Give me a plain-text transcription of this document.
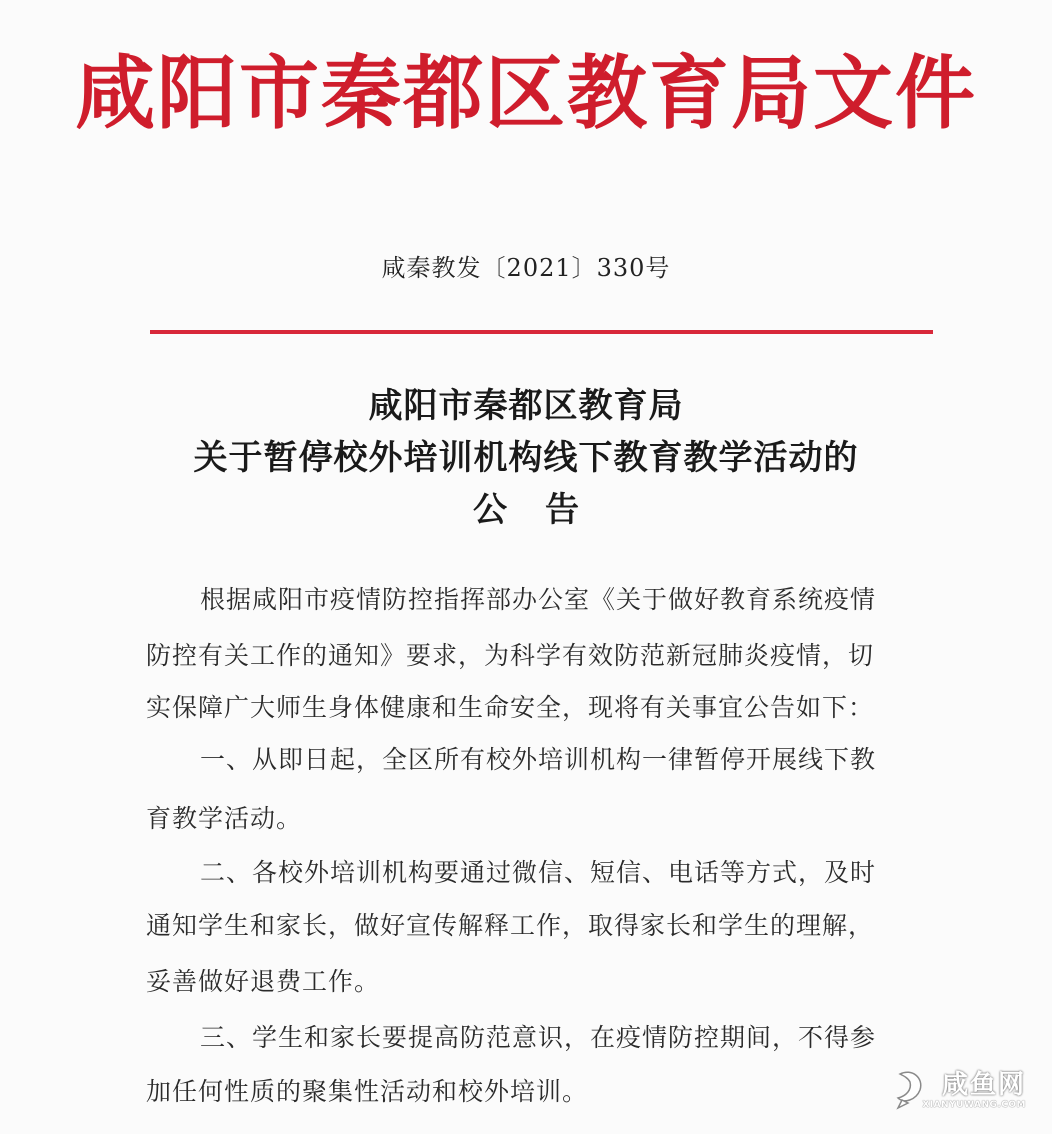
咸阳市秦都区教育局文件
咸秦教发〔2021〕330号
咸阳市秦都区教育局
关于暂停校外培训机构线下教育教学活动的
公告
根据咸阳市疫情防控指挥部办公室《关于做好教育系统疫情
防控有关工作的通知》要求，为科学有效防范新冠肺炎疫情，切
实保障广大师生身体健康和生命安全，现将有关事宜公告如下：
一、从即日起，全区所有校外培训机构一律暂停开展线下教
育教学活动。
二、各校外培训机构要通过微信、短信、电话等方式，及时
通知学生和家长，做好宣传解释工作，取得家长和学生的理解，
妥善做好退费工作。
三、学生和家长要提高防范意识，在疫情防控期间，不得参
加任何性质的聚集性活动和校外培训。	咸鱼网
XIANYUWANG.COM
